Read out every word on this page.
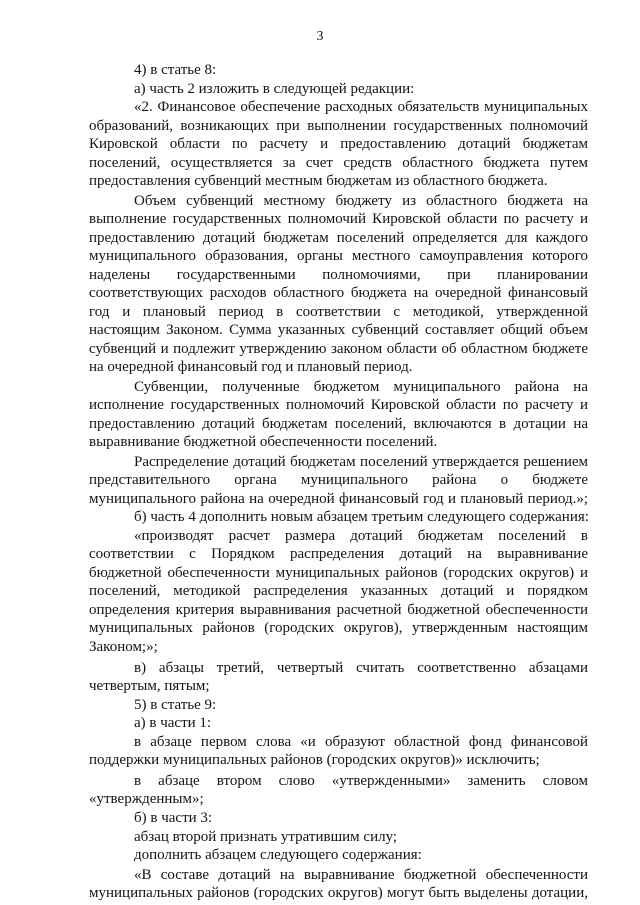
3
4) в статье 8:
а) часть 2 изложить в следующей редакции:
«2. Финансовое обеспечение расходных обязательств муниципальных
образований, возникающих при выполнении государственных полномочий
Кировской области по расчету и предоставлению дотаций бюджетам
поселений, осуществляется за счет средств областного бюджета путем
предоставления субвенций местным бюджетам из областного бюджета.
Объем субвенций местному бюджету из областного бюджета на
выполнение государственных полномочий Кировской области по расчету и
предоставлению дотаций бюджетам поселений определяется для каждого
муниципального образования, органы местного самоуправления которого
наделены государственными полномочиями, при планировании
соответствующих расходов областного бюджета на очередной финансовый
год и плановый период в соответствии с методикой, утвержденной
настоящим Законом. Сумма указанных субвенций составляет общий объем
субвенций и подлежит утверждению законом области об областном бюджете
на очередной финансовый год и плановый период.
Субвенции, полученные бюджетом муниципального района на
исполнение государственных полномочий Кировской области по расчету и
предоставлению дотаций бюджетам поселений, включаются в дотации на
выравнивание бюджетной обеспеченности поселений.
Распределение дотаций бюджетам поселений утверждается решением
представительного органа муниципального района о бюджете
муниципального района на очередной финансовый год и плановый период.»;
б) часть 4 дополнить новым абзацем третьим следующего содержания:
«производят расчет размера дотаций бюджетам поселений в
соответствии с Порядком распределения дотаций на выравнивание
бюджетной обеспеченности муниципальных районов (городских округов) и
поселений, методикой распределения указанных дотаций и порядком
определения критерия выравнивания расчетной бюджетной обеспеченности
муниципальных районов (городских округов), утвержденным настоящим
Законом;»;
в) абзацы третий, четвертый считать соответственно абзацами
четвертым, пятым;
5) в статье 9:
а) в части 1:
в абзаце первом слова «и образуют областной фонд финансовой
поддержки муниципальных районов (городских округов)» исключить;
в абзаце втором слово «утвержденными» заменить словом
«утвержденным»;
б) в части 3:
абзац второй признать утратившим силу;
дополнить абзацем следующего содержания:
«В составе дотаций на выравнивание бюджетной обеспеченности
муниципальных районов (городских округов) могут быть выделены дотации,
